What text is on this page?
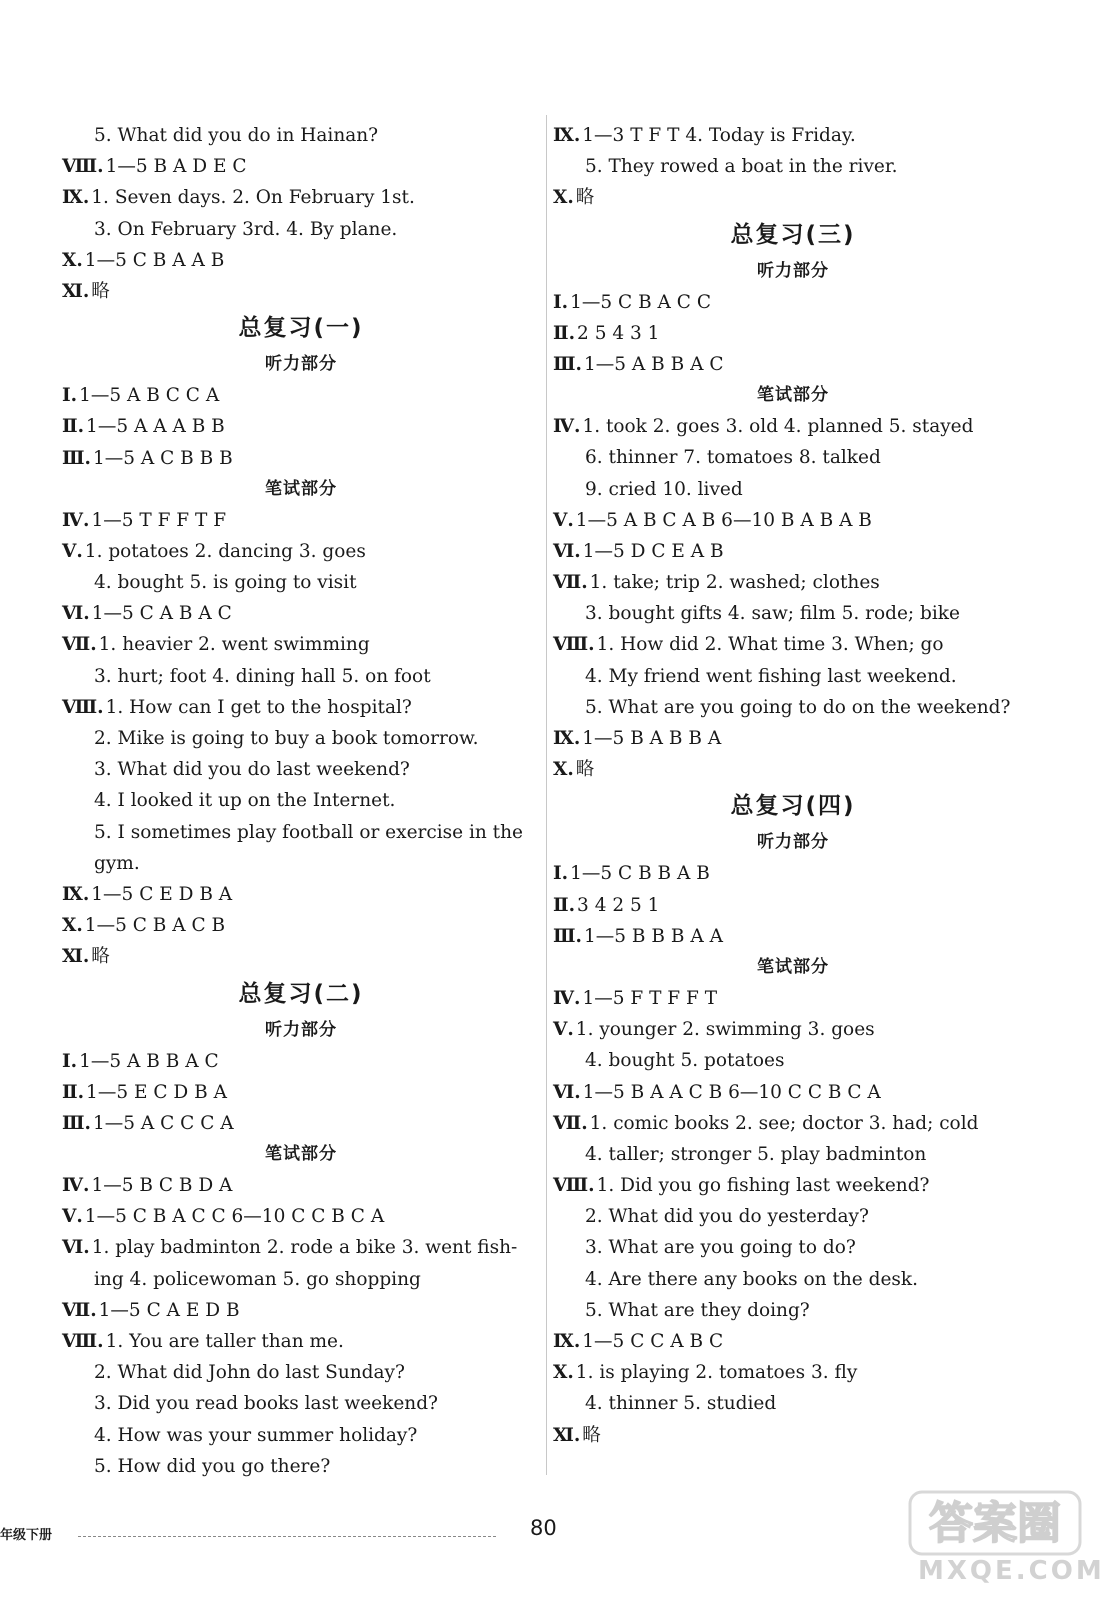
5. What did you do in Hainan?
Ⅷ. 1—5 B A D E C
Ⅸ. 1. Seven days. 2. On February 1st.
3. On February 3rd. 4. By plane.
Ⅹ. 1—5 C B A A B
Ⅺ. 略
总复习(一)
听力部分
Ⅰ. 1—5 A B C C A
Ⅱ. 1—5 A A A B B
Ⅲ. 1—5 A C B B B
笔试部分
Ⅳ. 1—5 T F F T F
Ⅴ. 1. potatoes 2. dancing 3. goes
4. bought 5. is going to visit
Ⅵ. 1—5 C A B A C
Ⅶ. 1. heavier 2. went swimming
3. hurt; foot 4. dining hall 5. on foot
Ⅷ. 1. How can I get to the hospital?
2. Mike is going to buy a book tomorrow.
3. What did you do last weekend?
4. I looked it up on the Internet.
5. I sometimes play football or exercise in the
gym.
Ⅸ. 1—5 C E D B A
Ⅹ. 1—5 C B A C B
Ⅺ. 略
总复习(二)
听力部分
Ⅰ. 1—5 A B B A C
Ⅱ. 1—5 E C D B A
Ⅲ. 1—5 A C C C A
笔试部分
Ⅳ. 1—5 B C B D A
Ⅴ. 1—5 C B A C C 6—10 C C B C A
Ⅵ. 1. play badminton 2. rode a bike 3. went fish-
ing 4. policewoman 5. go shopping
Ⅶ. 1—5 C A E D B
Ⅷ. 1. You are taller than me.
2. What did John do last Sunday?
3. Did you read books last weekend?
4. How was your summer holiday?
5. How did you go there?
Ⅸ. 1—3 T F T 4. Today is Friday.
5. They rowed a boat in the river.
Ⅹ. 略
总复习(三)
听力部分
Ⅰ. 1—5 C B A C C
Ⅱ. 2 5 4 3 1
Ⅲ. 1—5 A B B A C
笔试部分
Ⅳ. 1. took 2. goes 3. old 4. planned 5. stayed
6. thinner 7. tomatoes 8. talked
9. cried 10. lived
Ⅴ. 1—5 A B C A B 6—10 B A B A B
Ⅵ. 1—5 D C E A B
Ⅶ. 1. take; trip 2. washed; clothes
3. bought gifts 4. saw; film 5. rode; bike
Ⅷ. 1. How did 2. What time 3. When; go
4. My friend went fishing last weekend.
5. What are you going to do on the weekend?
Ⅸ. 1—5 B A B B A
Ⅹ. 略
总复习(四)
听力部分
Ⅰ. 1—5 C B B A B
Ⅱ. 3 4 2 5 1
Ⅲ. 1—5 B B B A A
笔试部分
Ⅳ. 1—5 F T F F T
Ⅴ. 1. younger 2. swimming 3. goes
4. bought 5. potatoes
Ⅵ. 1—5 B A A C B 6—10 C C B C A
Ⅶ. 1. comic books 2. see; doctor 3. had; cold
4. taller; stronger 5. play badminton
Ⅷ. 1. Did you go fishing last weekend?
2. What did you do yesterday?
3. What are you going to do?
4. Are there any books on the desk.
5. What are they doing?
Ⅸ. 1—5 C C A B C
Ⅹ. 1. is playing 2. tomatoes 3. fly
4. thinner 5. studied
Ⅺ. 略
年级下册	80	答案圈
MXQE.COM
